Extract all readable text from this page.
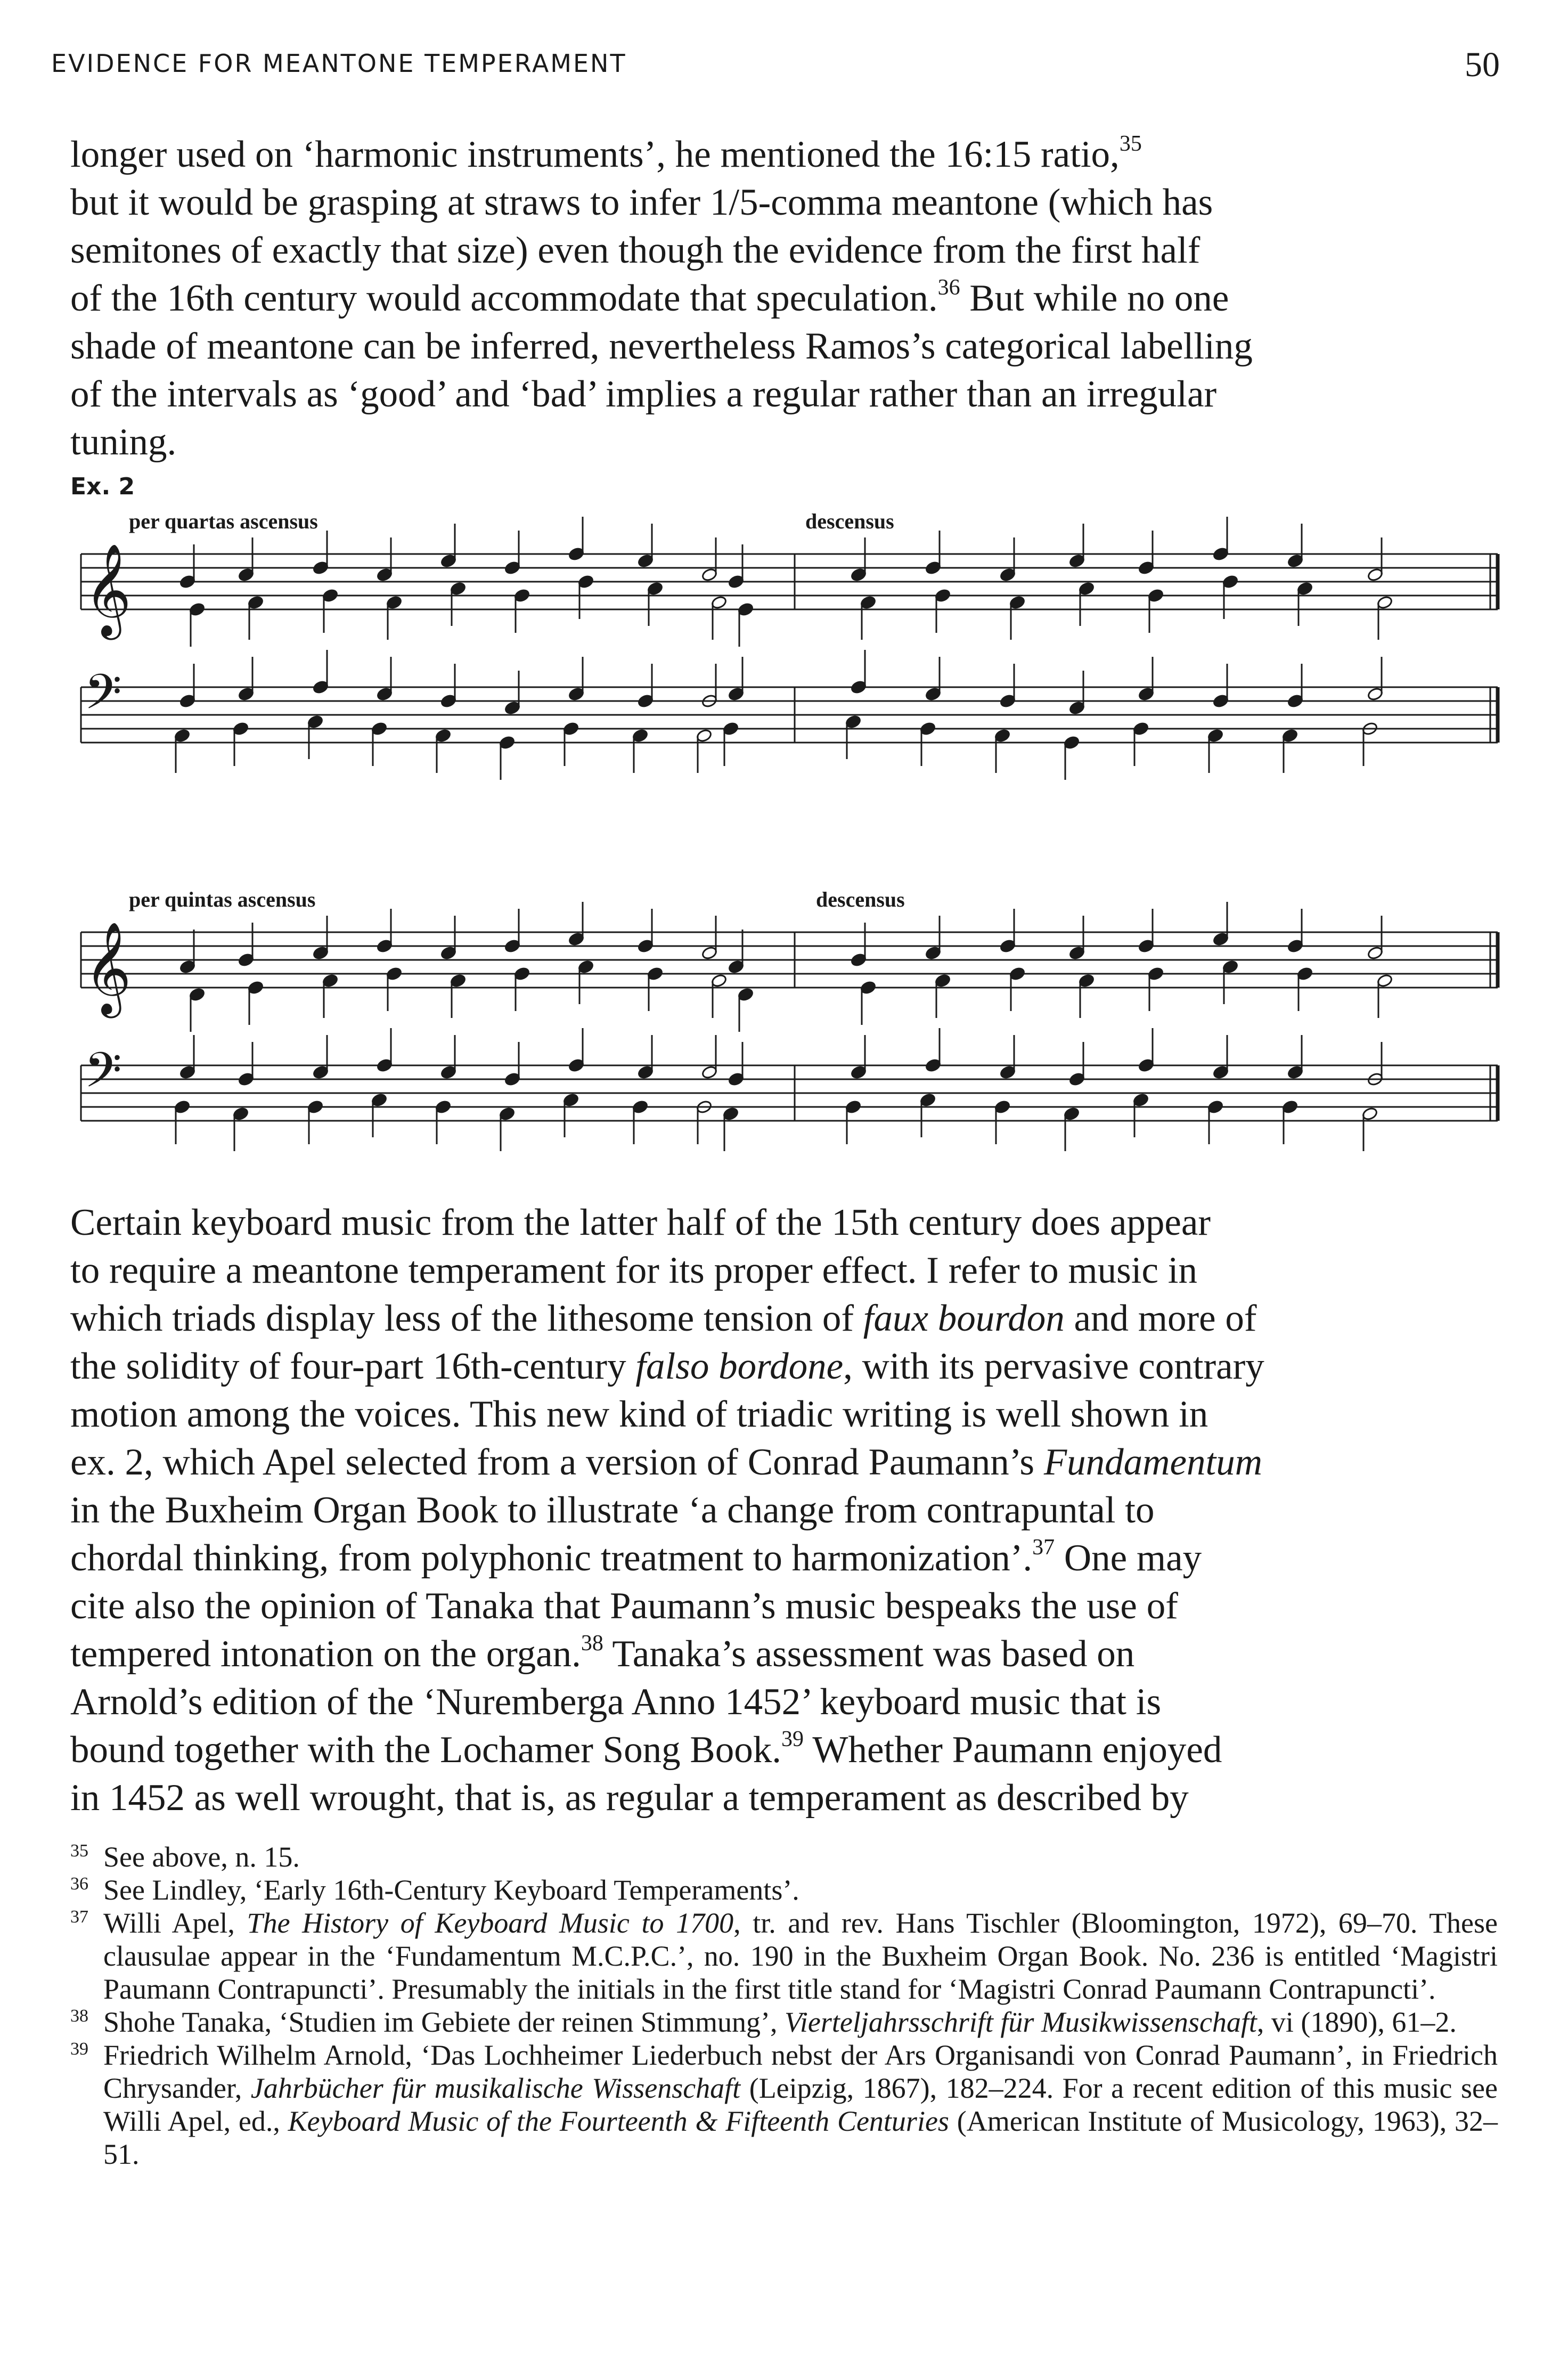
EVIDENCE FOR MEANTONE TEMPERAMENT	50

longer used on ‘harmonic instruments’, he mentioned the 16:15 ratio,$^{35}$
but it would be grasping at straws to infer 1/5-comma meantone (which has
semitones of exactly that size) even though the evidence from the first half
of the 16th century would accommodate that speculation.$^{36}$ But while no one
shade of meantone can be inferred, nevertheless Ramos’s categorical labelling
of the intervals as ‘good’ and ‘bad’ implies a regular rather than an irregular
tuning.

Ex. 2
per quartas ascensus	descensus
𝄞
𝄢
per quintas ascensus	descensus
𝄞
𝄢

Certain keyboard music from the latter half of the 15th century does appear
to require a meantone temperament for its proper effect. I refer to music in
which triads display less of the lithesome tension of faux bourdon and more of
the solidity of four-part 16th-century falso bordone, with its pervasive contrary
motion among the voices. This new kind of triadic writing is well shown in
ex. 2, which Apel selected from a version of Conrad Paumann’s Fundamentum
in the Buxheim Organ Book to illustrate ‘a change from contrapuntal to
chordal thinking, from polyphonic treatment to harmonization’.$^{37}$ One may
cite also the opinion of Tanaka that Paumann’s music bespeaks the use of
tempered intonation on the organ.$^{38}$ Tanaka’s assessment was based on
Arnold’s edition of the ‘Nuremberga Anno 1452’ keyboard music that is
bound together with the Lochamer Song Book.$^{39}$ Whether Paumann enjoyed
in 1452 as well wrought, that is, as regular a temperament as described by

35 See above, n. 15.
36 See Lindley, ‘Early 16th-Century Keyboard Temperaments’.
37 Willi Apel, The History of Keyboard Music to 1700, tr. and rev. Hans Tischler (Bloomington, 1972), 69–70. These clausulae appear in the ‘Fundamentum M.C.P.C.’, no. 190 in the Buxheim Organ Book. No. 236 is entitled ‘Magistri Paumann Contrapuncti’. Presumably the initials in the first title stand for ‘Magistri Conrad Paumann Contrapuncti’.
38 Shohe Tanaka, ‘Studien im Gebiete der reinen Stimmung’, Vierteljahrsschrift für Musikwissenschaft, vi (1890), 61–2.
39 Friedrich Wilhelm Arnold, ‘Das Lochheimer Liederbuch nebst der Ars Organisandi von Conrad Paumann’, in Friedrich Chrysander, Jahrbücher für musikalische Wissenschaft (Leipzig, 1867), 182–224. For a recent edition of this music see Willi Apel, ed., Keyboard Music of the Fourteenth & Fifteenth Centuries (American Institute of Musicology, 1963), 32–51.
